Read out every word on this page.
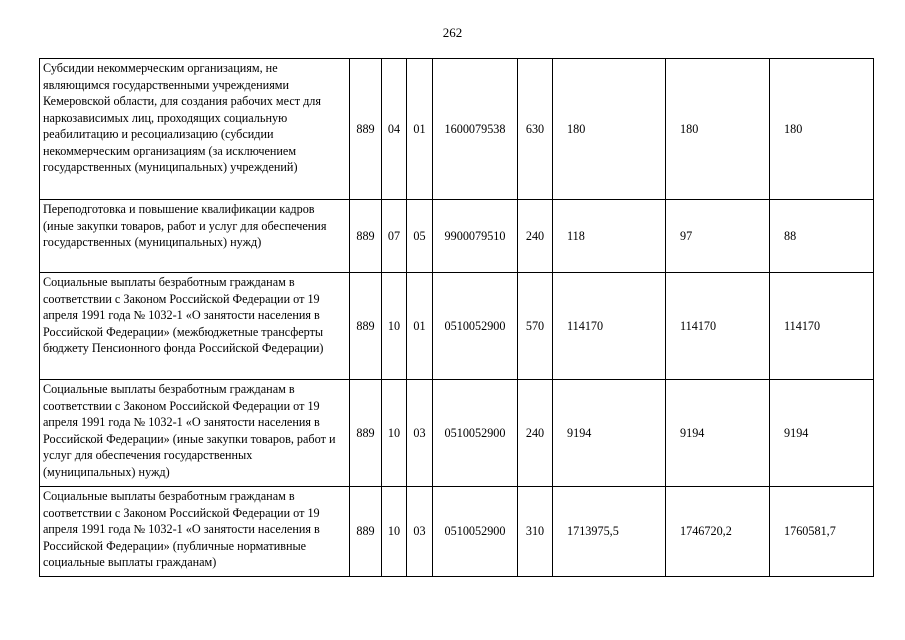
262
Субсидии некоммерческим организациям, не являющимся государственными учреждениями Кемеровской области, для создания рабочих мест для наркозависимых лиц, проходящих социальную реабилитацию и ресоциализацию (субсидии некоммерческим организациям (за исключением государственных (муниципальных) учреждений)	889	04	01	1600079538	630	180	180	180
Переподготовка и повышение квалификации кадров (иные закупки товаров, работ и услуг для обеспечения государственных (муниципальных) нужд)	889	07	05	9900079510	240	118	97	88
Социальные выплаты безработным гражданам в соответствии с Законом Российской Федерации от 19 апреля 1991 года № 1032-1 «О занятости населения в Российской Федерации» (межбюджетные трансферты бюджету Пенсионного фонда Российской Федерации)	889	10	01	0510052900	570	114170	114170	114170
Социальные выплаты безработным гражданам в соответствии с Законом Российской Федерации от 19 апреля 1991 года № 1032-1 «О занятости населения в Российской Федерации» (иные закупки товаров, работ и услуг для обеспечения государственных (муниципальных) нужд)	889	10	03	0510052900	240	9194	9194	9194
Социальные выплаты безработным гражданам в соответствии с Законом Российской Федерации от 19 апреля 1991 года № 1032-1 «О занятости населения в Российской Федерации» (публичные нормативные социальные выплаты гражданам)	889	10	03	0510052900	310	1713975,5	1746720,2	1760581,7
